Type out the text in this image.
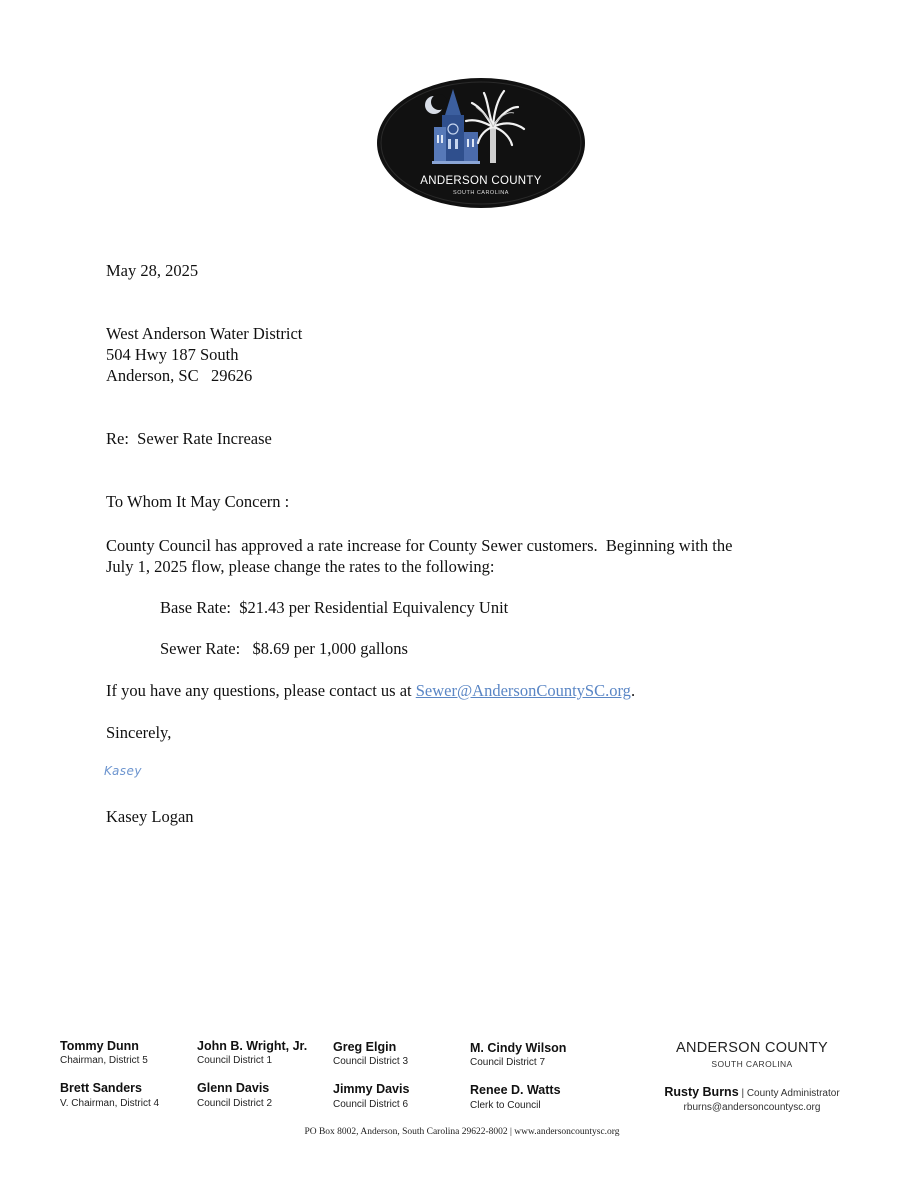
ANDERSON COUNTY
SOUTH CAROLINA
May 28, 2025
West Anderson Water District
504 Hwy 187 South
Anderson, SC   29626
Re:  Sewer Rate Increase
To Whom It May Concern :
County Council has approved a rate increase for County Sewer customers.  Beginning with the
July 1, 2025 flow, please change the rates to the following:
Base Rate:  $21.43 per Residential Equivalency Unit
Sewer Rate:   $8.69 per 1,000 gallons
If you have any questions, please contact us at Sewer@AndersonCountySC.org.
Sincerely,
Kasey
Kasey Logan
Tommy Dunn
Chairman, District 5
Brett Sanders
V. Chairman, District 4
John B. Wright, Jr.
Council District 1
Glenn Davis
Council District 2
Greg Elgin
Council District 3
Jimmy Davis
Council District 6
M. Cindy Wilson
Council District 7
Renee D. Watts
Clerk to Council
ANDERSON COUNTY
SOUTH CAROLINA
Rusty Burns | County Administrator
rburns@andersoncountysc.org
PO Box 8002, Anderson, South Carolina 29622-8002 | www.andersoncountysc.org
